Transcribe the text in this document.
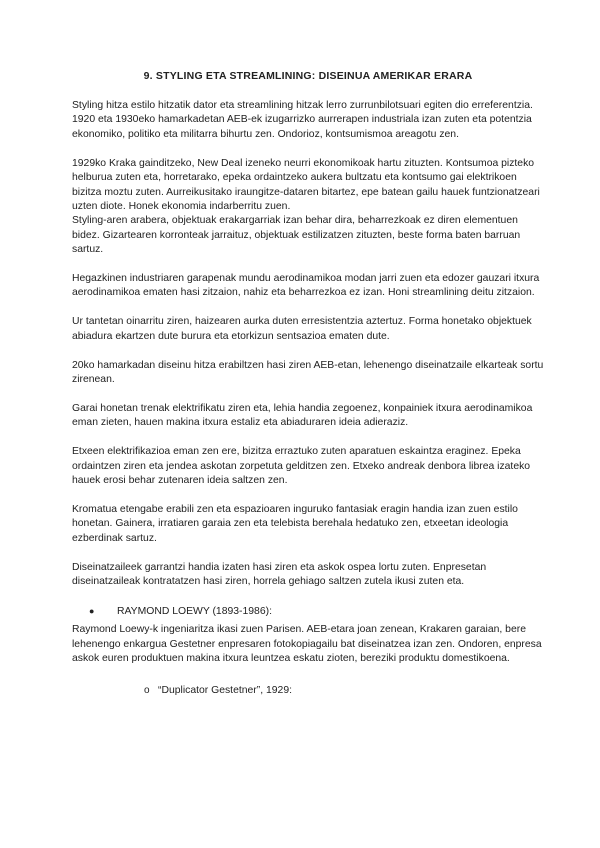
9. STYLING ETA STREAMLINING: DISEINUA AMERIKAR ERARA

Styling hitza estilo hitzatik dator eta streamlining hitzak lerro zurrunbilotsuari egiten dio erreferentzia. 1920 eta 1930eko hamarkadetan AEB-ek izugarrizko aurrerapen industriala izan zuten eta potentzia ekonomiko, politiko eta militarra bihurtu zen. Ondorioz, kontsumismoa areagotu zen.

1929ko Kraka gainditzeko, New Deal izeneko neurri ekonomikoak hartu zituzten. Kontsumoa pizteko helburua zuten eta, horretarako, epeka ordaintzeko aukera bultzatu eta kontsumo gai elektrikoen bizitza moztu zuten. Aurreikusitako iraungitze-dataren bitartez, epe batean gailu hauek funtzionatzeari uzten diote. Honek ekonomia indarberritu zuen.

Styling-aren arabera, objektuak erakargarriak izan behar dira, beharrezkoak ez diren elementuen bidez. Gizartearen korronteak jarraituz, objektuak estilizatzen zituzten, beste forma baten barruan sartuz.

Hegazkinen industriaren garapenak mundu aerodinamikoa modan jarri zuen eta edozer gauzari itxura aerodinamikoa ematen hasi zitzaion, nahiz eta beharrezkoa ez izan. Honi streamlining deitu zitzaion.

Ur tantetan oinarritu ziren, haizearen aurka duten erresistentzia aztertuz. Forma honetako objektuek abiadura ekartzen dute burura eta etorkizun sentsazioa ematen dute.

20ko hamarkadan diseinu hitza erabiltzen hasi ziren AEB-etan, lehenengo diseinatzaile elkarteak sortu zirenean.

Garai honetan trenak elektrifikatu ziren eta, lehia handia zegoenez, konpainiek itxura aerodinamikoa eman zieten, hauen makina itxura estaliz eta abiaduraren ideia adieraziz.

Etxeen elektrifikazioa eman zen ere, bizitza erraztuko zuten aparatuen eskaintza eraginez. Epeka ordaintzen ziren eta jendea askotan zorpetuta gelditzen zen. Etxeko andreak denbora librea izateko hauek erosi behar zutenaren ideia saltzen zen.

Kromatua etengabe erabili zen eta espazioaren inguruko fantasiak eragin handia izan zuen estilo honetan. Gainera, irratiaren garaia zen eta telebista berehala hedatuko zen, etxeetan ideologia ezberdinak sartuz.

Diseinatzaileek garrantzi handia izaten hasi ziren eta askok ospea lortu zuten. Enpresetan diseinatzaileak kontratatzen hasi ziren, horrela gehiago saltzen zutela ikusi zuten eta.

●	RAYMOND LOEWY (1893-1986):

Raymond Loewy-k ingeniaritza ikasi zuen Parisen. AEB-etara joan zenean, Krakaren garaian, bere lehenengo enkargua Gestetner enpresaren fotokopiagailu bat diseinatzea izan zen. Ondoren, enpresa askok euren produktuen makina itxura leuntzea eskatu zioten, bereziki produktu domestikoena.

o “Duplicator Gestetner”, 1929:
